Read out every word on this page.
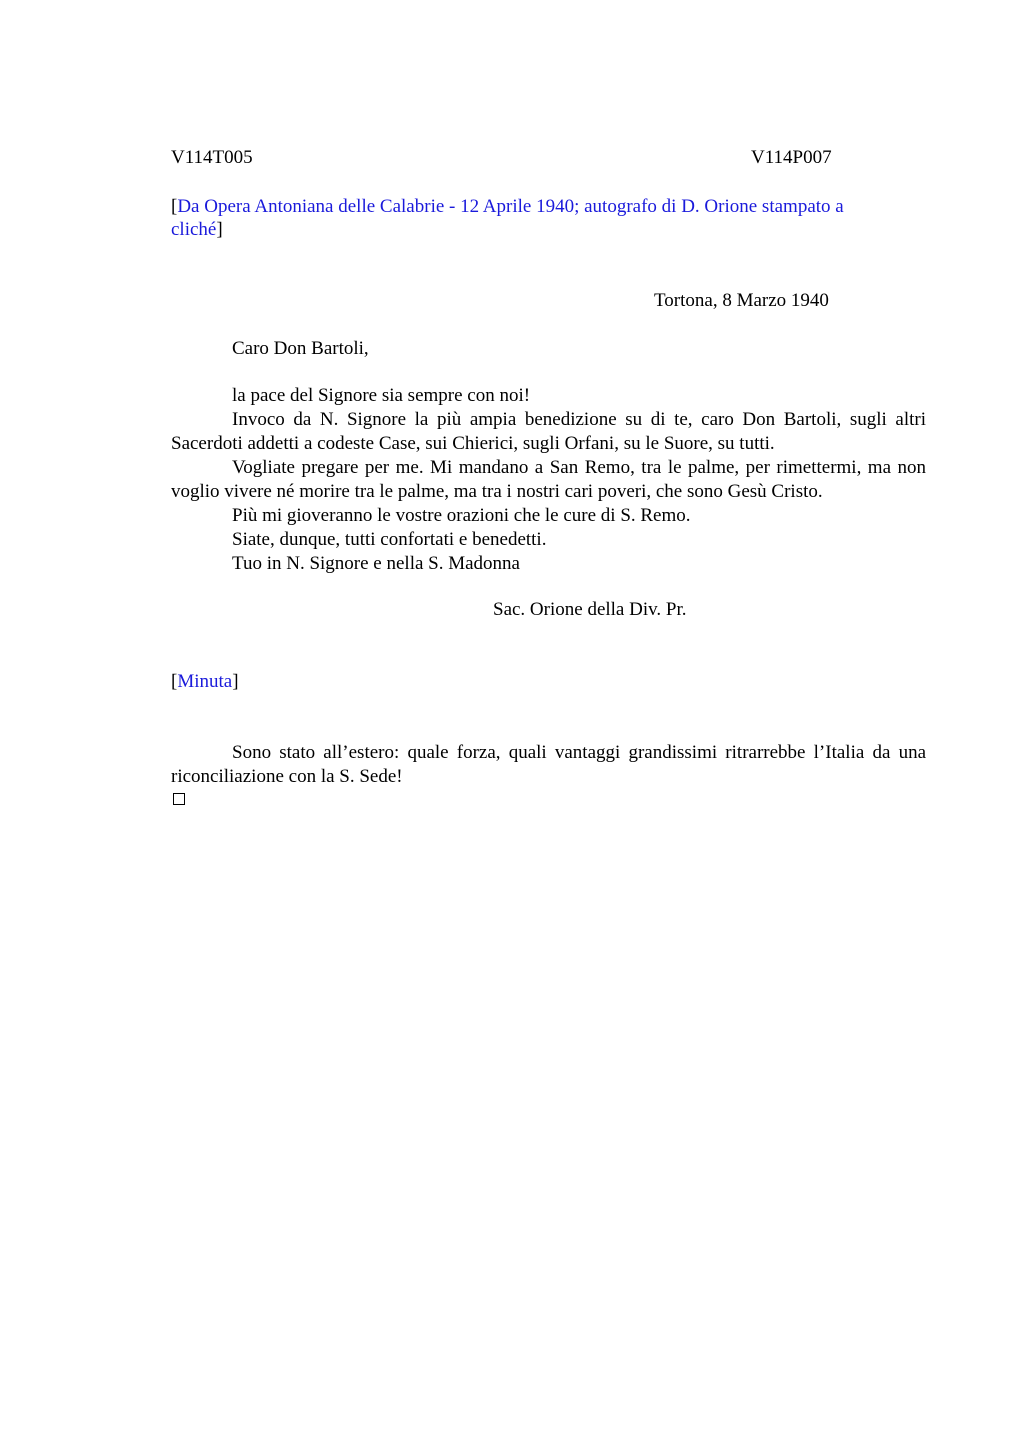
V114T005	V114P007
[Da Opera Antoniana delle Calabrie - 12 Aprile 1940; autografo di D. Orione stampato a
cliché]
Tortona, 8 Marzo 1940
Caro Don Bartoli,

la pace del Signore sia sempre con noi!

Invoco da N. Signore la più ampia benedizione su di te, caro Don Bartoli, sugli altri Sacerdoti addetti a codeste Case, sui Chierici, sugli Orfani, su le Suore, su tutti.

Vogliate pregare per me. Mi mandano a San Remo, tra le palme, per rimettermi, ma non voglio vivere né morire tra le palme, ma tra i nostri cari poveri, che sono Gesù Cristo.

Più mi gioveranno le vostre orazioni che le cure di S. Remo.

Siate, dunque, tutti confortati e benedetti.

Tuo in N. Signore e nella S. Madonna

Sac. Orione della Div. Pr.
[Minuta]

Sono stato all’estero: quale forza, quali vantaggi grandissimi ritrarrebbe l’Italia da una riconciliazione con la S. Sede!
